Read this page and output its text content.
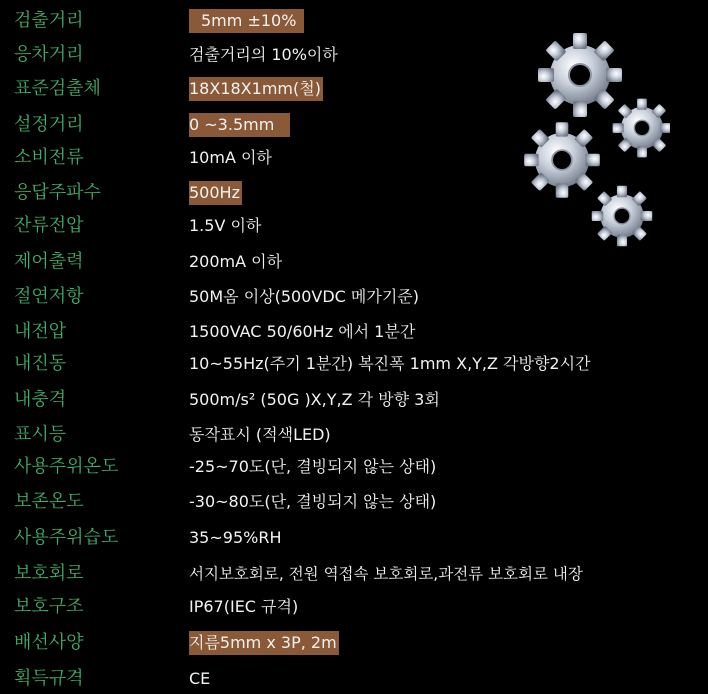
검출거리	5mm ±10%
응차거리	검출거리의 10%이하
표준검출체	18X18X1mm(철)
설정거리	0 ~3.5mm
소비전류	10mA 이하
응답주파수	500Hz
잔류전압	1.5V 이하
제어출력	200mA 이하
절연저항	50M옴 이상(500VDC 메가기준)
내전압	1500VAC 50/60Hz 에서 1분간
내진동	10~55Hz(주기 1분간) 복진폭 1mm X,Y,Z 각방향2시간
내충격	500m/s² (50G )X,Y,Z 각 방향 3회
표시등	동작표시 (적색LED)
사용주위온도	-25~70도(단, 결빙되지 않는 상태)
보존온도	-30~80도(단, 결빙되지 않는 상태)
사용주위습도	35~95%RH
보호회로	서지보호회로, 전원 역접속 보호회로,과전류 보호회로 내장
보호구조	IP67(IEC 규격)
배선사양	지름5mm x 3P, 2m
획득규격	CE
